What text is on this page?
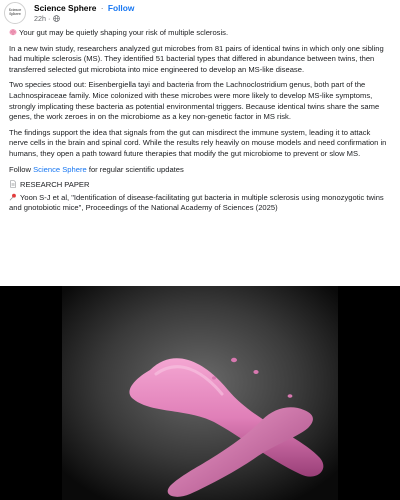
Science
Sphere
Science Sphere · Follow
22h ·

Your gut may be quietly shaping your risk of multiple sclerosis.

In a new twin study, researchers analyzed gut microbes from 81 pairs of identical twins in which only one sibling had multiple sclerosis (MS). They identified 51 bacterial types that differed in abundance between twins, then transferred selected gut microbiota into mice engineered to develop an MS-like disease.

Two species stood out: Eisenbergiella tayi and bacteria from the Lachnoclostridium genus, both part of the Lachnospiraceae family. Mice colonized with these microbes were more likely to develop MS-like symptoms, strongly implicating these bacteria as potential environmental triggers. Because identical twins share the same genes, the work zeroes in on the microbiome as a key non-genetic factor in MS risk.

The findings support the idea that signals from the gut can misdirect the immune system, leading it to attack nerve cells in the brain and spinal cord. While the results rely heavily on mouse models and need confirmation in humans, they open a path toward future therapies that modify the gut microbiome to prevent or slow MS.

Follow Science Sphere for regular scientific updates

RESEARCH PAPER

Yoon S-J et al, "Identification of disease-facilitating gut bacteria in multiple sclerosis using monozygotic twins and gnotobiotic mice", Proceedings of the National Academy of Sciences (2025)
